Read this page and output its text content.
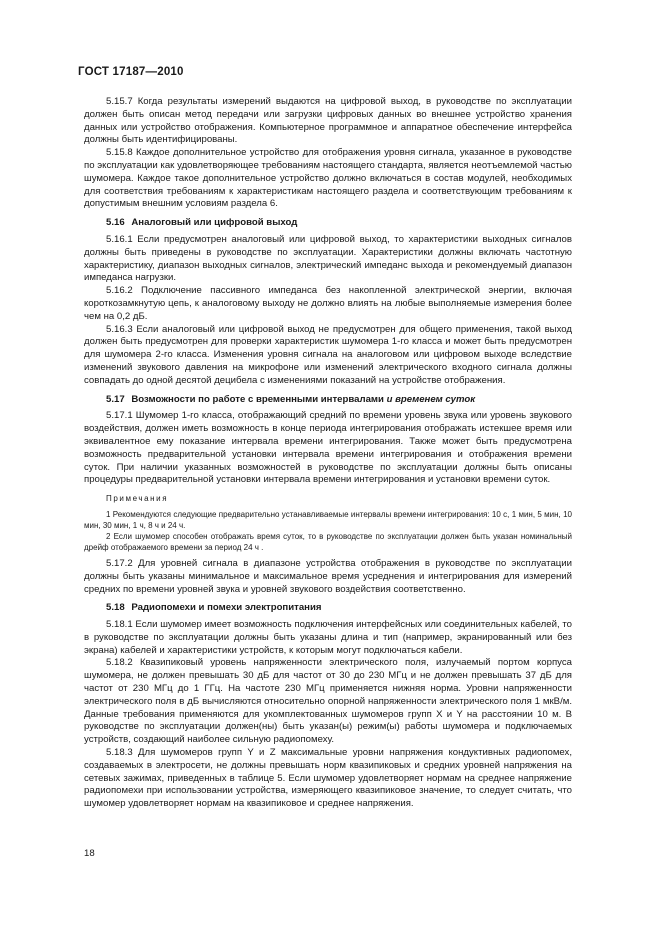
ГОСТ 17187—2010

5.15.7 Когда результаты измерений выдаются на цифровой выход, в руководстве по эксплуатации должен быть описан метод передачи или загрузки цифровых данных во внешнее устройство хранения данных или устройство отображения. Компьютерное программное и аппаратное обеспечение интерфейса должны быть идентифицированы.

5.15.8 Каждое дополнительное устройство для отображения уровня сигнала, указанное в руководстве по эксплуатации как удовлетворяющее требованиям настоящего стандарта, является неотъемлемой частью шумомера. Каждое такое дополнительное устройство должно включаться в состав модулей, необходимых для соответствия требованиям к характеристикам настоящего раздела и соответствующим требованиям к допустимым внешним условиям раздела 6.

5.16 Аналоговый или цифровой выход

5.16.1 Если предусмотрен аналоговый или цифровой выход, то характеристики выходных сигналов должны быть приведены в руководстве по эксплуатации. Характеристики должны включать частотную характеристику, диапазон выходных сигналов, электрический импеданс выхода и рекомендуемый диапазон импеданса нагрузки.

5.16.2 Подключение пассивного импеданса без накопленной электрической энергии, включая короткозамкнутую цепь, к аналоговому выходу не должно влиять на любые выполняемые измерения более чем на 0,2 дБ.

5.16.3 Если аналоговый или цифровой выход не предусмотрен для общего применения, такой выход должен быть предусмотрен для проверки характеристик шумомера 1-го класса и может быть предусмотрен для шумомера 2-го класса. Изменения уровня сигнала на аналоговом или цифровом выходе вследствие изменений звукового давления на микрофоне или изменений электрического входного сигнала должны совпадать до одной десятой децибела с изменениями показаний на устройстве отображения.

5.17 Возможности по работе с временными интервалами и временем суток

5.17.1 Шумомер 1-го класса, отображающий средний по времени уровень звука или уровень звукового воздействия, должен иметь возможность в конце периода интегрирования отображать истекшее время или эквивалентное ему показание интервала времени интегрирования. Также может быть предусмотрена возможность предварительной установки интервала времени интегрирования и отображения времени суток. При наличии указанных возможностей в руководстве по эксплуатации должны быть описаны процедуры предварительной установки интервала времени интегрирования и установки времени суток.

Примечания

1 Рекомендуются следующие предварительно устанавливаемые интервалы времени интегрирования: 10 с, 1 мин, 5 мин, 10 мин, 30 мин, 1 ч, 8 ч и 24 ч.

2 Если шумомер способен отображать время суток, то в руководстве по эксплуатации должен быть указан номинальный дрейф отображаемого времени за период 24 ч .

5.17.2 Для уровней сигнала в диапазоне устройства отображения в руководстве по эксплуатации должны быть указаны минимальное и максимальное время усреднения и интегрирования для измерений средних по времени уровней звука и уровней звукового воздействия соответственно.

5.18 Радиопомехи и помехи электропитания

5.18.1 Если шумомер имеет возможность подключения интерфейсных или соединительных кабелей, то в руководстве по эксплуатации должны быть указаны длина и тип (например, экранированный или без экрана) кабелей и характеристики устройств, к которым могут подключаться кабели.

5.18.2 Квазипиковый уровень напряженности электрического поля, излучаемый портом корпуса шумомера, не должен превышать 30 дБ для частот от 30 до 230 МГц и не должен превышать 37 дБ для частот от 230 МГц до 1 ГГц. На частоте 230 МГц применяется нижняя норма. Уровни напряженности электрического поля в дБ вычисляются относительно опорной напряженности электрического поля 1 мкВ/м. Данные требования применяются для укомплектованных шумомеров групп X и Y на расстоянии 10 м. В руководстве по эксплуатации должен(ны) быть указан(ы) режим(ы) работы шумомера и подключаемых устройств, создающий наиболее сильную радиопомеху.

5.18.3 Для шумомеров групп Y и Z максимальные уровни напряжения кондуктивных радиопомех, создаваемых в электросети, не должны превышать норм квазипиковых и средних уровней напряжения на сетевых зажимах, приведенных в таблице 5. Если шумомер удовлетворяет нормам на среднее напряжение радиопомехи при использовании устройства, измеряющего квазипиковое значение, то следует считать, что шумомер удовлетворяет нормам на квазипиковое и среднее напряжения.

18
